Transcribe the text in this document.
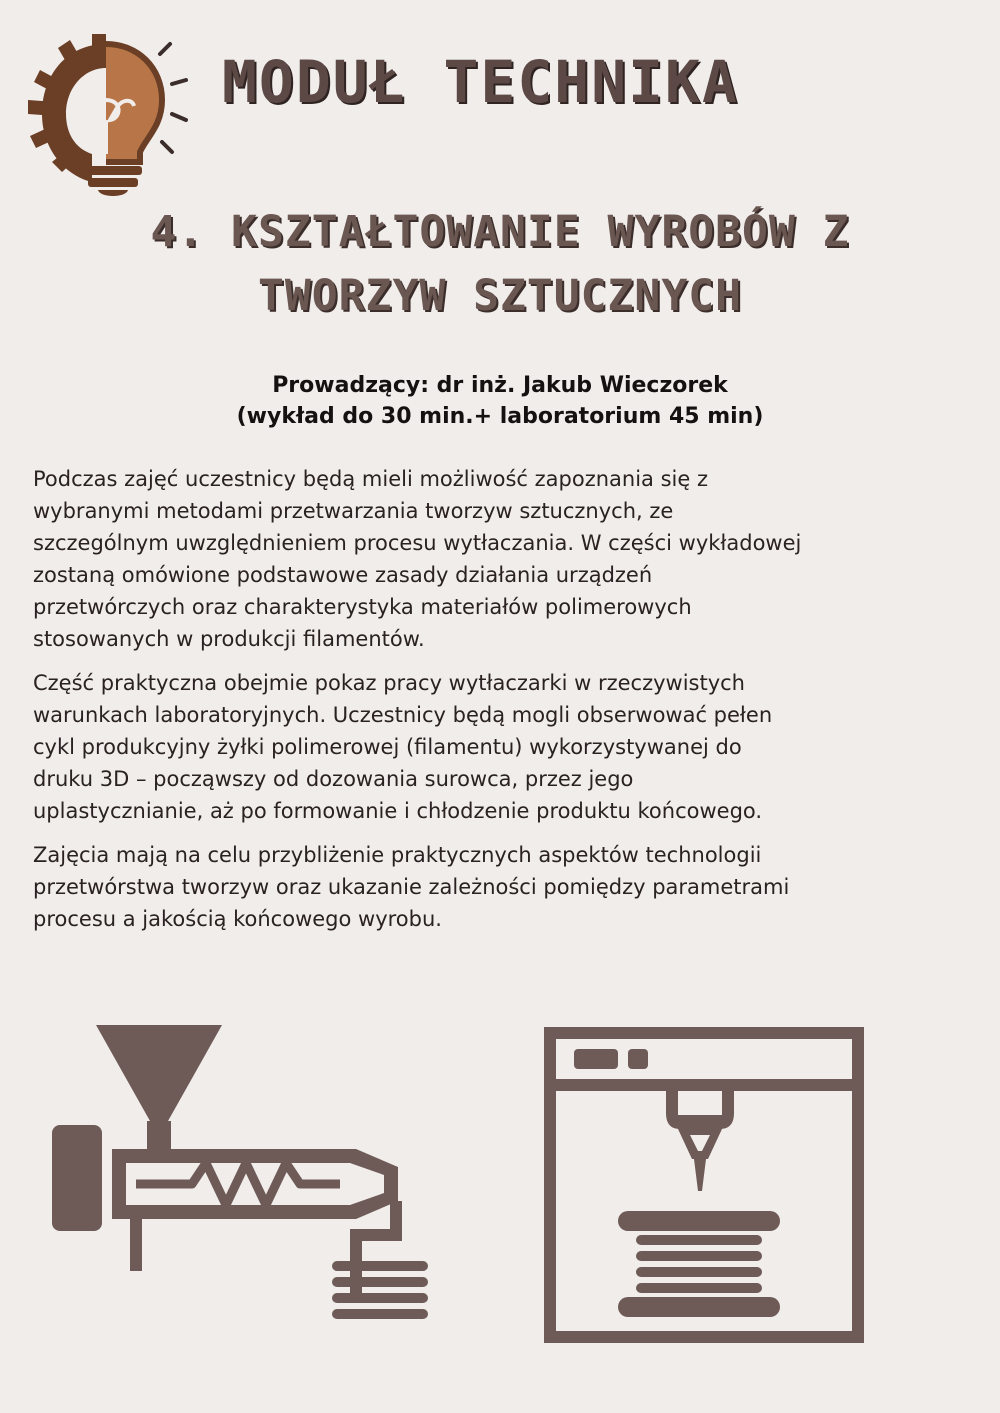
MODUŁ TECHNIKA
4. KSZTAŁTOWANIE WYROBÓW Z
TWORZYW SZTUCZNYCH
Prowadzący: dr inż. Jakub Wieczorek
(wykład do 30 min.+ laboratorium 45 min)

Podczas zajęć uczestnicy będą mieli możliwość zapoznania się z
wybranymi metodami przetwarzania tworzyw sztucznych, ze
szczególnym uwzględnieniem procesu wytłaczania. W części wykładowej
zostaną omówione podstawowe zasady działania urządzeń
przetwórczych oraz charakterystyka materiałów polimerowych
stosowanych w produkcji filamentów.

Część praktyczna obejmie pokaz pracy wytłaczarki w rzeczywistych
warunkach laboratoryjnych. Uczestnicy będą mogli obserwować pełen
cykl produkcyjny żyłki polimerowej (filamentu) wykorzystywanej do
druku 3D – począwszy od dozowania surowca, przez jego
uplastycznianie, aż po formowanie i chłodzenie produktu końcowego.

Zajęcia mają na celu przybliżenie praktycznych aspektów technologii
przetwórstwa tworzyw oraz ukazanie zależności pomiędzy parametrami
procesu a jakością końcowego wyrobu.
